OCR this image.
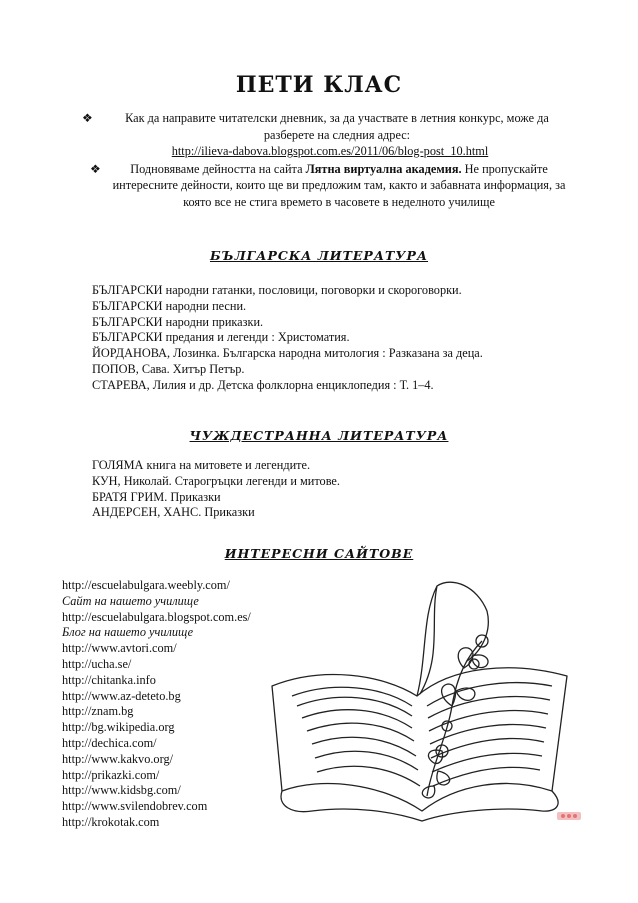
ПЕТИ КЛАС
❖	Как да направите читателски дневник, за да участвате в летния конкурс, може да разберете на следния адрес:
http://ilieva-dabova.blogspot.com.es/2011/06/blog-post_10.html
❖	Подновяваме дейността на сайта Лятна виртуална академия. Не пропускайте интересните дейности, които ще ви предложим там, както и забавната информация, за която все не стига времето в часовете в неделното училище
БЪЛГАРСКА ЛИТЕРАТУРА
БЪЛГАРСКИ народни гатанки, пословици, поговорки и скороговорки.
БЪЛГАРСКИ народни песни.
БЪЛГАРСКИ народни приказки.
БЪЛГАРСКИ предания и легенди : Христоматия.
ЙОРДАНОВА, Лозинка. Българска народна митология : Разказана за деца.
ПОПОВ, Сава. Хитър Петър.
СТАРЕВА, Лилия и др. Детска фолклорна енциклопедия : Т. 1–4.
ЧУЖДЕСТРАННА ЛИТЕРАТУРА
ГОЛЯМА книга на митовете и легендите.
КУН, Николай. Старогръцки легенди и митове.
БРАТЯ ГРИМ. Приказки
АНДЕРСЕН, ХАНС. Приказки
ИНТЕРЕСНИ САЙТОВЕ
http://escuelabulgara.weebly.com/
Сайт на нашето училище
http://escuelabulgara.blogspot.com.es/
Блог на нашето училище
http://www.avtori.com/
http://ucha.se/
http://chitanka.info
http://www.az-deteto.bg
http://znam.bg
http://bg.wikipedia.org
http://dechica.com/
http://www.kakvo.org/
http://prikazki.com/
http://www.kidsbg.com/
http://www.svilendobrev.com
http://krokotak.com
